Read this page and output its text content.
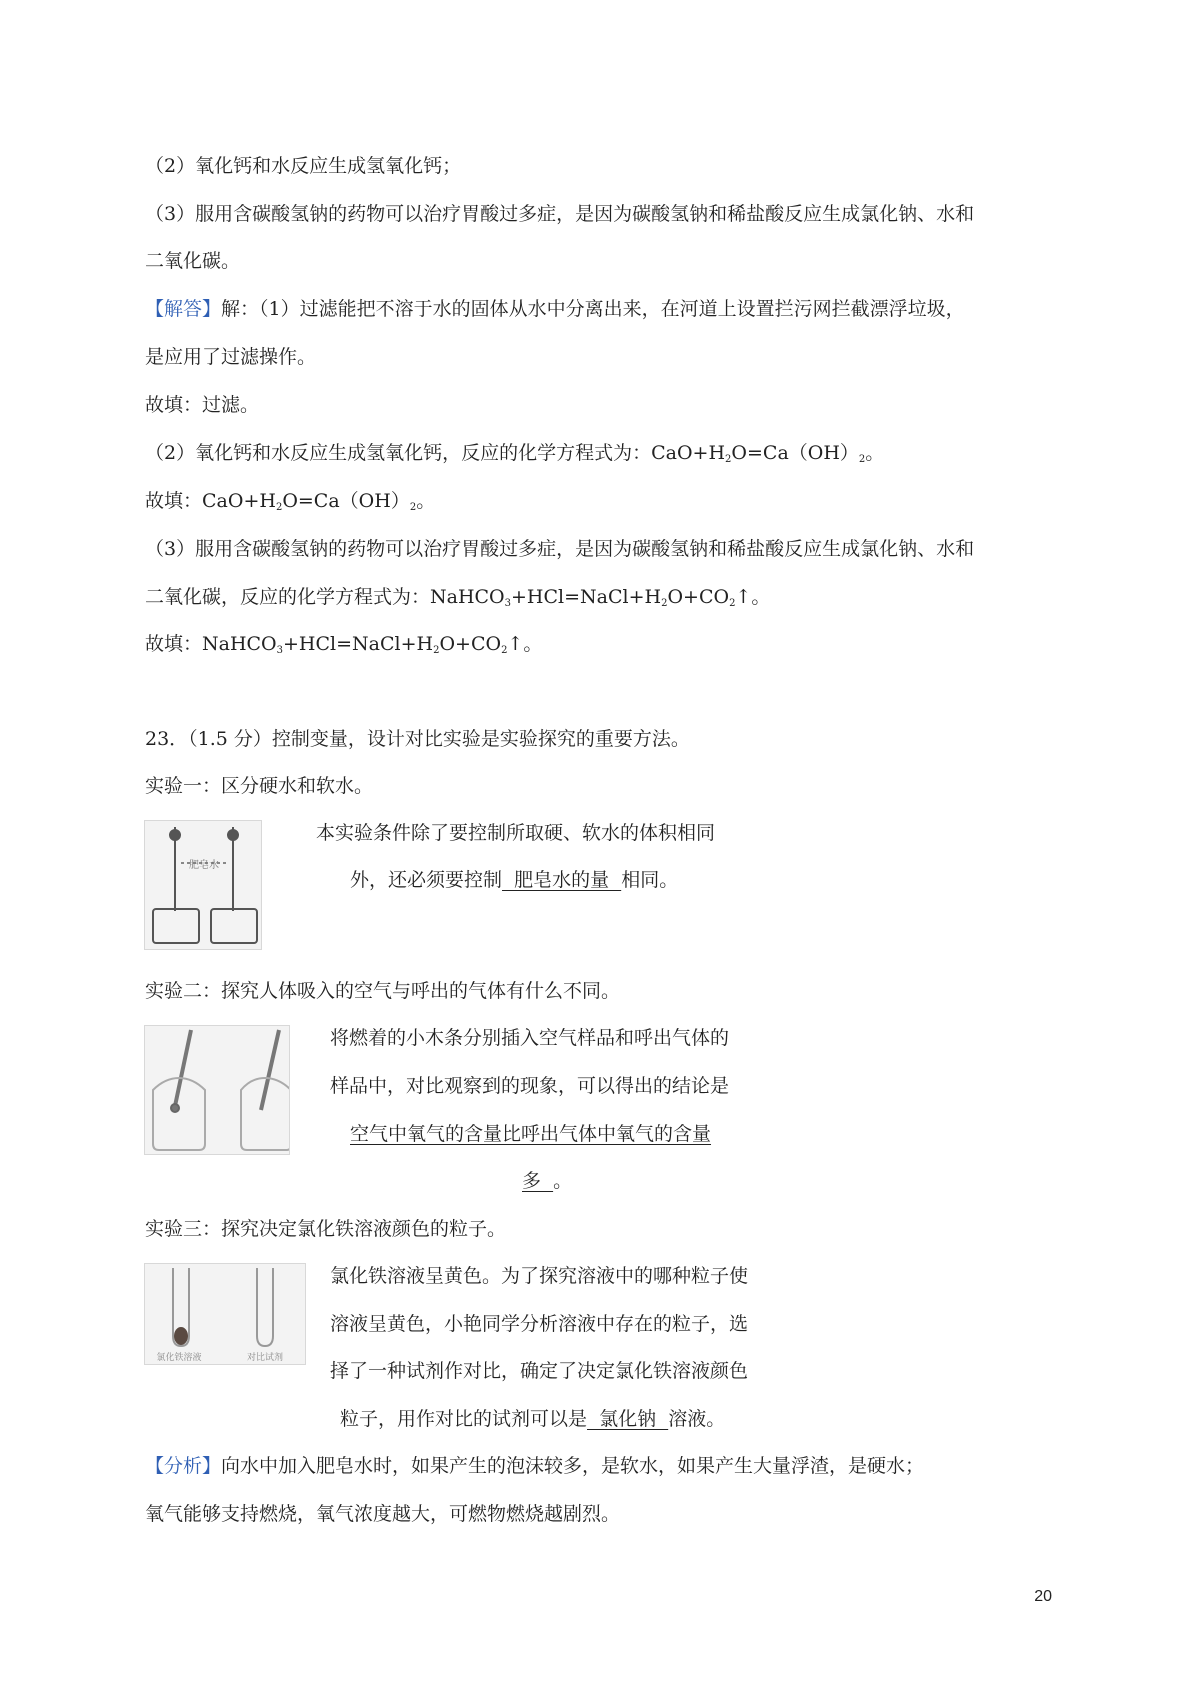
（2）氧化钙和水反应生成氢氧化钙；
（3）服用含碳酸氢钠的药物可以治疗胃酸过多症，是因为碳酸氢钠和稀盐酸反应生成氯化钠、水和
二氧化碳。
【解答】解：（1）过滤能把不溶于水的固体从水中分离出来，在河道上设置拦污网拦截漂浮垃圾，
是应用了过滤操作。
故填：过滤。
（2）氧化钙和水反应生成氢氧化钙，反应的化学方程式为：$CaO+H_2O=Ca(OH)_2$。
故填：$CaO+H_2O=Ca(OH)_2$。
（3）服用含碳酸氢钠的药物可以治疗胃酸过多症，是因为碳酸氢钠和稀盐酸反应生成氯化钠、水和
二氧化碳，反应的化学方程式为：$NaHCO_3+HCl=NaCl+H_2O+CO_2↑$。
故填：$NaHCO_3+HCl=NaCl+H_2O+CO_2↑$。
23．（1.5 分）控制变量，设计对比实验是实验探究的重要方法。
实验一：区分硬水和软水。
肥皂水
本实验条件除了要控制所取硬、软水的体积相同
外，还必须要控制  肥皂水的量  相同。
实验二：探究人体吸入的空气与呼出的气体有什么不同。
将燃着的小木条分别插入空气样品和呼出气体的
样品中，对比观察到的现象，可以得出的结论是
空气中氧气的含量比呼出气体中氧气的含量
多  。
实验三：探究决定氯化铁溶液颜色的粒子。
氯化铁溶液	对比试剂
氯化铁溶液呈黄色。为了探究溶液中的哪种粒子使
溶液呈黄色，小艳同学分析溶液中存在的粒子，选
择了一种试剂作对比，确定了决定氯化铁溶液颜色
粒子，用作对比的试剂可以是  氯化钠  溶液。
【分析】向水中加入肥皂水时，如果产生的泡沫较多，是软水，如果产生大量浮渣，是硬水；
氧气能够支持燃烧，氧气浓度越大，可燃物燃烧越剧烈。
20
